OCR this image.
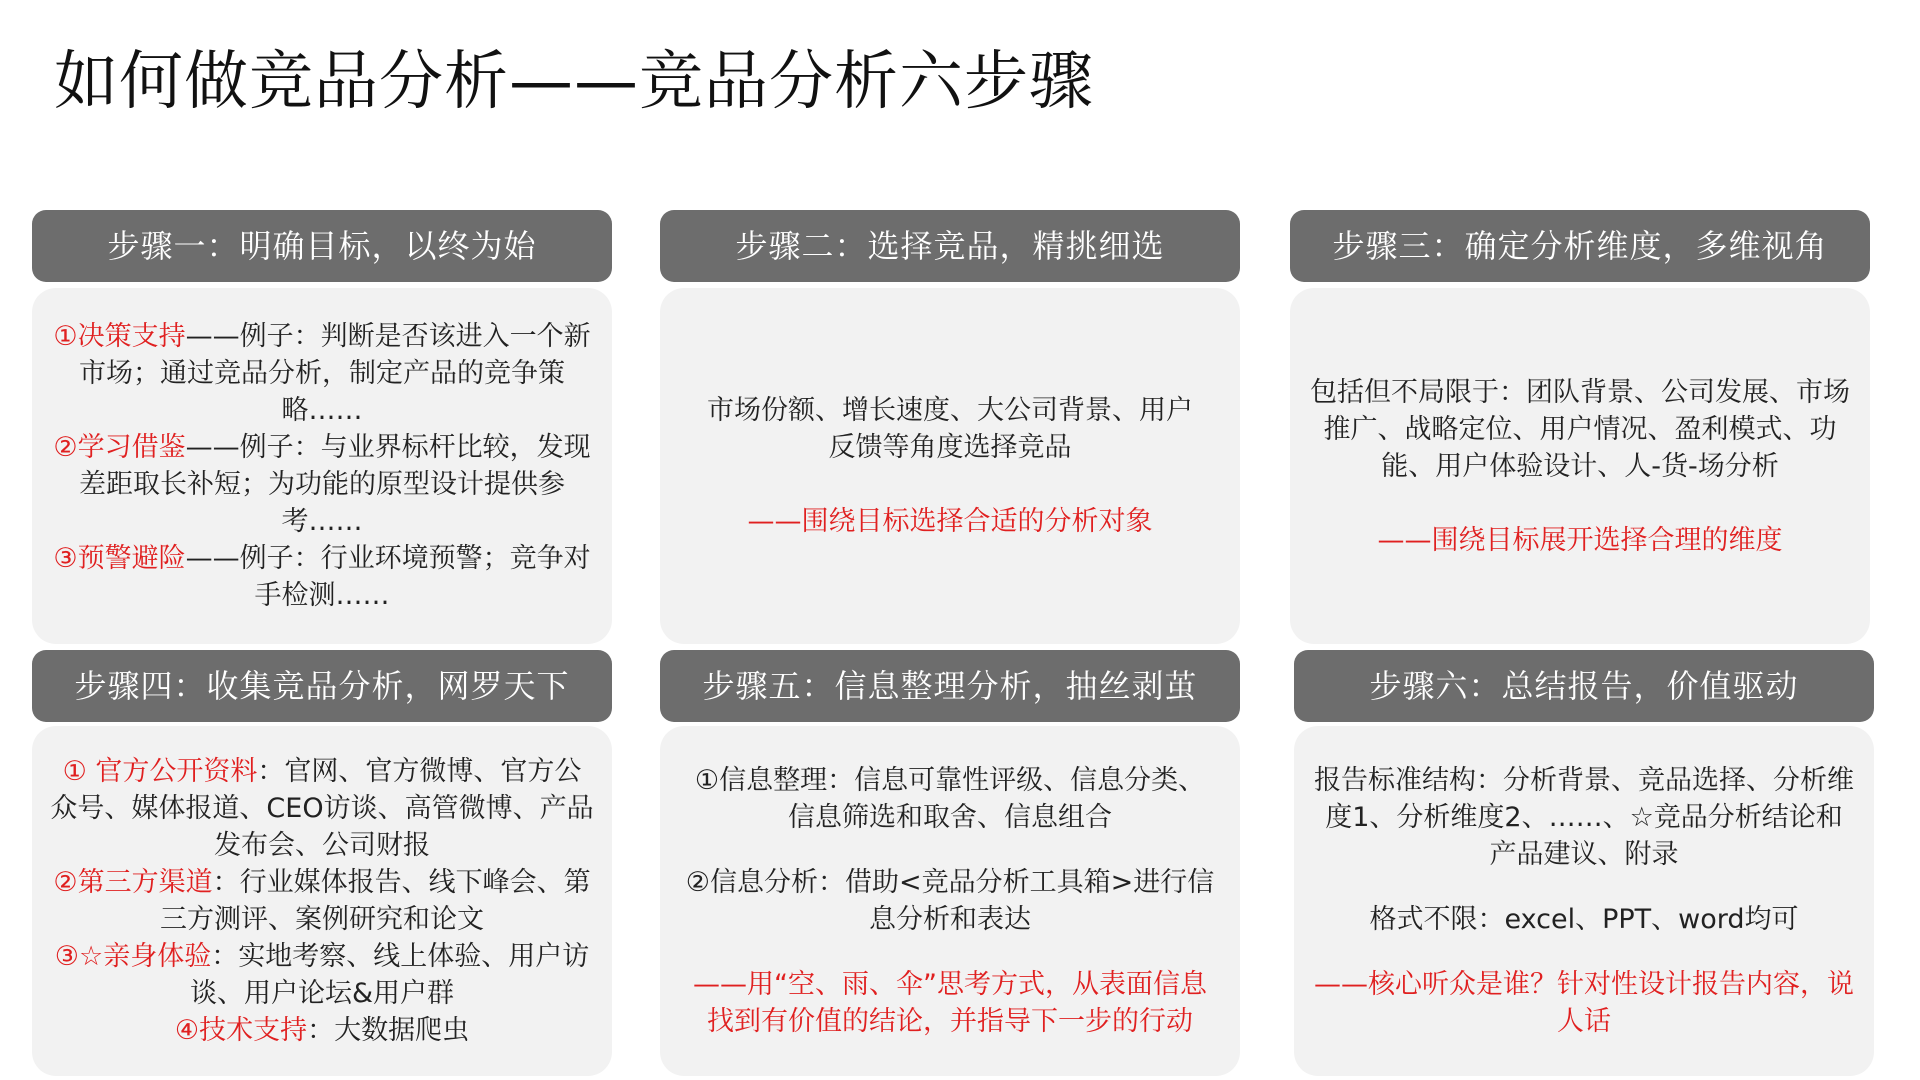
如何做竞品分析——竞品分析六步骤
步骤一：明确目标，以终为始

①决策支持——例子：判断是否该进入一个新市场；通过竞品分析，制定产品的竞争策略……

②学习借鉴——例子：与业界标杆比较，发现差距取长补短；为功能的原型设计提供参考……

③预警避险——例子：行业环境预警；竞争对手检测……

步骤二：选择竞品，精挑细选

市场份额、增长速度、大公司背景、用户反馈等角度选择竞品

——围绕目标选择合适的分析对象

步骤三：确定分析维度，多维视角

包括但不局限于：团队背景、公司发展、市场推广、战略定位、用户情况、盈利模式、功能、用户体验设计、人-货-场分析

——围绕目标展开选择合理的维度

步骤四：收集竞品分析，网罗天下

① 官方公开资料：官网、官方微博、官方公众号、媒体报道、CEO访谈、高管微博、产品发布会、公司财报

②第三方渠道：行业媒体报告、线下峰会、第三方测评、案例研究和论文

③☆亲身体验：实地考察、线上体验、用户访谈、用户论坛&用户群

④技术支持：大数据爬虫

步骤五：信息整理分析，抽丝剥茧

①信息整理：信息可靠性评级、信息分类、信息筛选和取舍、信息组合

②信息分析：借助<竞品分析工具箱>进行信息分析和表达

——用“空、雨、伞”思考方式，从表面信息找到有价值的结论，并指导下一步的行动

步骤六：总结报告，价值驱动

报告标准结构：分析背景、竞品选择、分析维度1、分析维度2、……、☆竞品分析结论和产品建议、附录

格式不限：excel、PPT、word均可

——核心听众是谁？针对性设计报告内容，说人话
